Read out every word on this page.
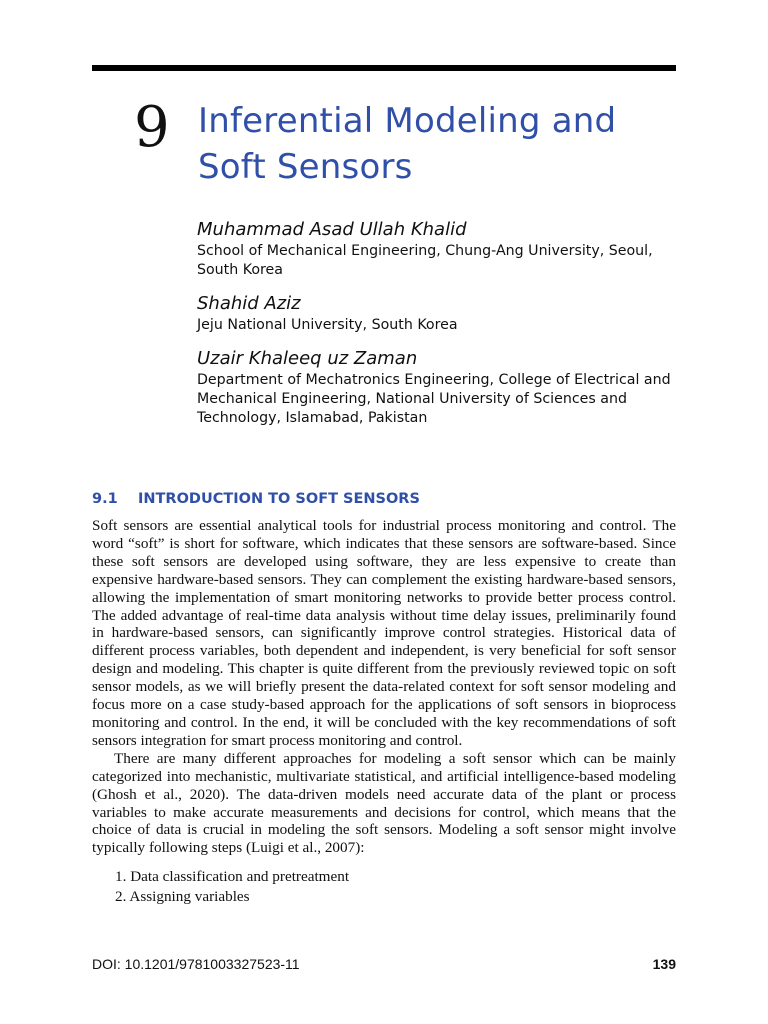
9 Inferential Modeling and Soft Sensors
Muhammad Asad Ullah Khalid
School of Mechanical Engineering, Chung-Ang University, Seoul, South Korea
Shahid Aziz
Jeju National University, South Korea
Uzair Khaleeq uz Zaman
Department of Mechatronics Engineering, College of Electrical and Mechanical Engineering, National University of Sciences and Technology, Islamabad, Pakistan
9.1 INTRODUCTION TO SOFT SENSORS

Soft sensors are essential analytical tools for industrial process monitoring and control. The word “soft” is short for software, which indicates that these sensors are software-based. Since these soft sensors are developed using software, they are less expensive to create than expensive hardware-based sensors. They can complement the existing hardware-based sensors, allowing the implementation of smart monitoring networks to provide better process control. The added advantage of real-time data analysis without time delay issues, preliminarily found in hardware-based sensors, can significantly improve control strategies. Historical data of different process variables, both dependent and independent, is very beneficial for soft sensor design and modeling. This chapter is quite different from the previously reviewed topic on soft sensor models, as we will briefly present the data-related context for soft sensor modeling and focus more on a case study-based approach for the applications of soft sensors in bioprocess monitoring and control. In the end, it will be concluded with the key recommendations of soft sensors integration for smart process monitoring and control.

There are many different approaches for modeling a soft sensor which can be mainly categorized into mechanistic, multivariate statistical, and artificial intelligence-based modeling (Ghosh et al., 2020). The data-driven models need accurate data of the plant or process variables to make accurate measurements and decisions for control, which means that the choice of data is crucial in modeling the soft sensors. Modeling a soft sensor might involve typically following steps (Luigi et al., 2007):

1. Data classification and pretreatment
2. Assigning variables
DOI: 10.1201/9781003327523-11	139
